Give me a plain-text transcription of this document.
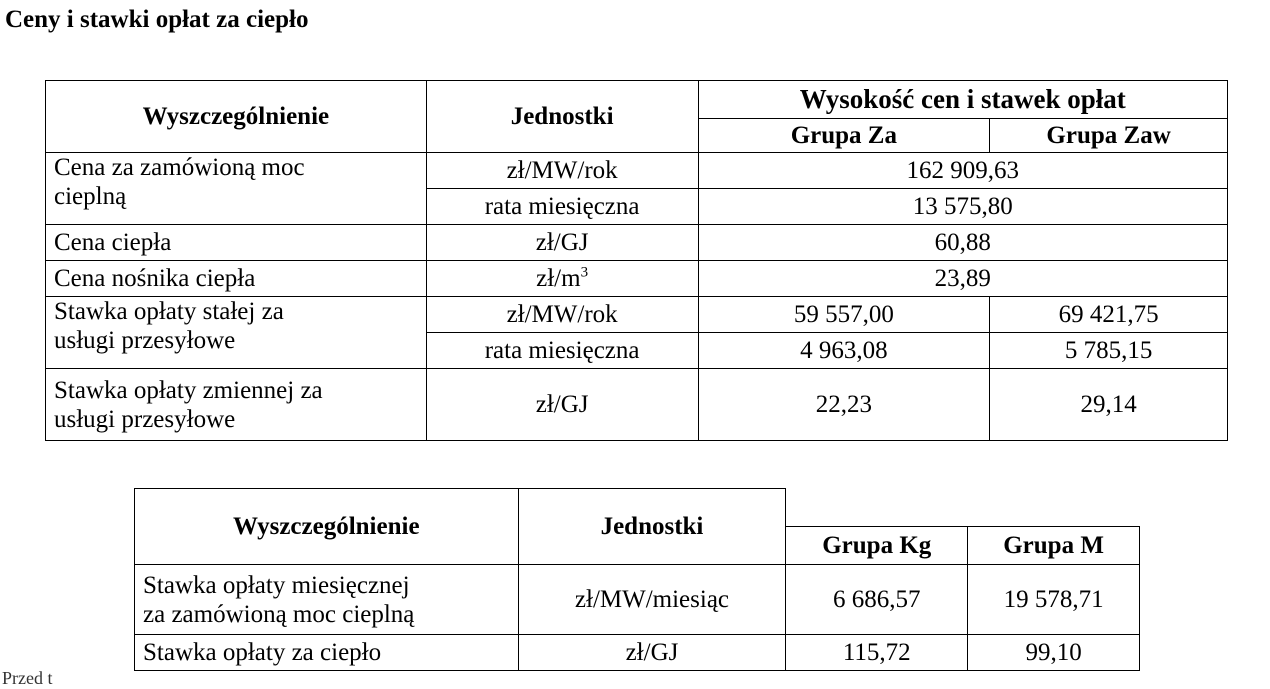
Ceny i stawki opłat za ciepło
Wyszczególnienie	Jednostki	Wysokość cen i stawek opłat	
		Grupa Za	Grupa Zaw
Cena za zamówioną moc
cieplną	zł/MW/rok	162 909,63	
	rata miesięczna	13 575,80	
Cena ciepła	zł/GJ	60,88	
Cena nośnika ciepła	$zł/m^3$	23,89	
Stawka opłaty stałej za
usługi przesyłowe	zł/MW/rok	59 557,00	69 421,75
	rata miesięczna	4 963,08	5 785,15
Stawka opłaty zmiennej za
usługi przesyłowe	zł/GJ	22,23	29,14
Wyszczególnienie	Jednostki		
		Grupa Kg	Grupa M
Stawka opłaty miesięcznej
za zamówioną moc cieplną	zł/MW/miesiąc	6 686,57	19 578,71
Stawka opłaty za ciepło	zł/GJ	115,72	99,10
Przed t
